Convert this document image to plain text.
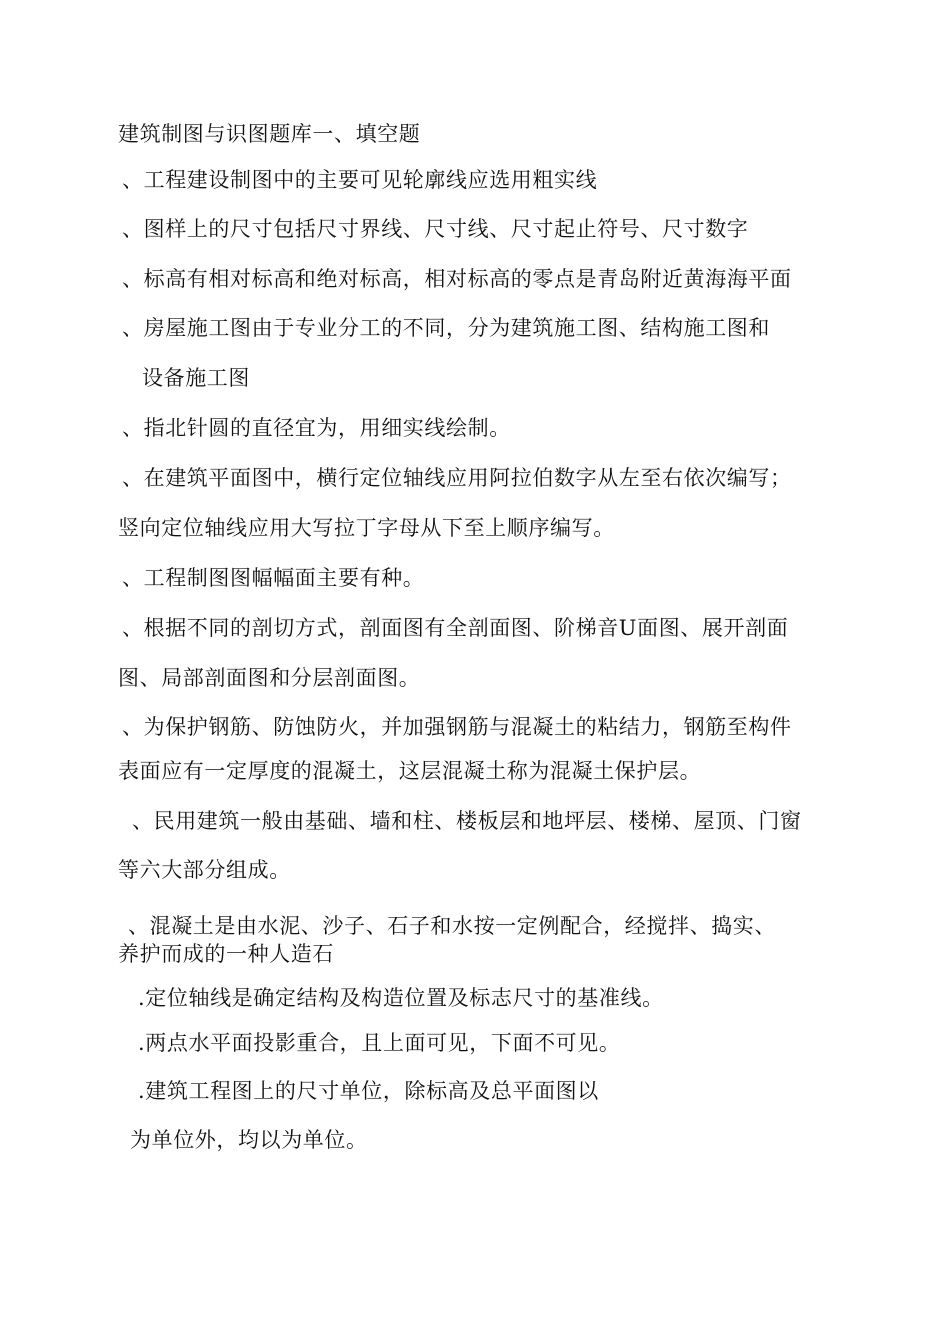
建筑制图与识图题库一、填空题
、工程建设制图中的主要可见轮廓线应选用粗实线
、图样上的尺寸包括尺寸界线、尺寸线、尺寸起止符号、尺寸数字
、标高有相对标高和绝对标高，相对标高的零点是青岛附近黄海海平面
、房屋施工图由于专业分工的不同，分为建筑施工图、结构施工图和
设备施工图
、指北针圆的直径宜为，用细实线绘制。
、在建筑平面图中，横行定位轴线应用阿拉伯数字从左至右依次编写；
竖向定位轴线应用大写拉丁字母从下至上顺序编写。
、工程制图图幅幅面主要有种。
、根据不同的剖切方式，剖面图有全剖面图、阶梯音U面图、展开剖面
图、局部剖面图和分层剖面图。
、为保护钢筋、防蚀防火，并加强钢筋与混凝土的粘结力，钢筋至构件
表面应有一定厚度的混凝土，这层混凝土称为混凝土保护层。
、民用建筑一般由基础、墙和柱、楼板层和地坪层、楼梯、屋顶、门窗
等六大部分组成。
、混凝土是由水泥、沙子、石子和水按一定例配合，经搅拌、捣实、
养护而成的一种人造石
.定位轴线是确定结构及构造位置及标志尺寸的基准线。
.两点水平面投影重合，且上面可见，下面不可见。
.建筑工程图上的尺寸单位，除标高及总平面图以
为单位外，均以为单位。
